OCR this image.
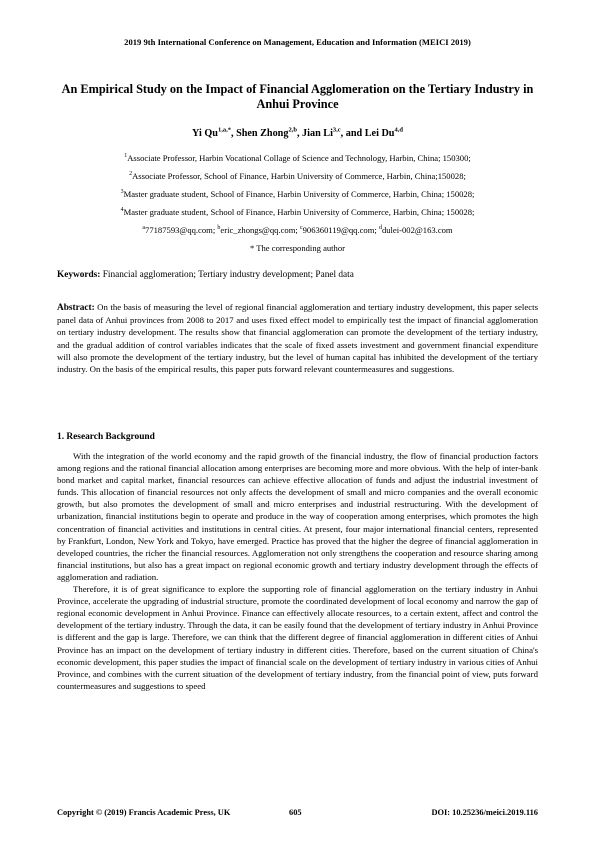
2019 9th International Conference on Management, Education and Information (MEICI 2019)
An Empirical Study on the Impact of Financial Agglomeration on the Tertiary Industry in Anhui Province
Yi $Qu^{1,a,*}$, Shen Zhong$^{2,b}$, Jian Li$^{3,c}$, and Lei Du$^{4,d}$
$^1$Associate Professor, Harbin Vocational Collage of Science and Technology, Harbin, China; 150300;
$^2$Associate Professor, School of Finance, Harbin University of Commerce, Harbin, China;150028;
$^3$Master graduate student, School of Finance, Harbin University of Commerce, Harbin, China; 150028;
$^4$Master graduate student, School of Finance, Harbin University of Commerce, Harbin, China; 150028;
$^a$77187593@qq.com; $^b$eric_zhongs@qq.com; $^c$906360119@qq.com; $^d$dulei-002@163.com
* The corresponding author
Keywords: Financial agglomeration; Tertiary industry development; Panel data
Abstract: On the basis of measuring the level of regional financial agglomeration and tertiary industry development, this paper selects panel data of Anhui provinces from 2008 to 2017 and uses fixed effect model to empirically test the impact of financial agglomeration on tertiary industry development. The results show that financial agglomeration can promote the development of the tertiary industry, and the gradual addition of control variables indicates that the scale of fixed assets investment and government financial expenditure will also promote the development of the tertiary industry, but the level of human capital has inhibited the development of the tertiary industry. On the basis of the empirical results, this paper puts forward relevant countermeasures and suggestions.
1. Research Background

With the integration of the world economy and the rapid growth of the financial industry, the flow of financial production factors among regions and the rational financial allocation among enterprises are becoming more and more obvious. With the help of inter-bank bond market and capital market, financial resources can achieve effective allocation of funds and adjust the industrial investment of funds. This allocation of financial resources not only affects the development of small and micro companies and the overall economic growth, but also promotes the development of small and micro enterprises and industrial restructuring. With the development of urbanization, financial institutions begin to operate and produce in the way of cooperation among enterprises, which promotes the high concentration of financial activities and institutions in central cities. At present, four major international financial centers, represented by Frankfurt, London, New York and Tokyo, have emerged. Practice has proved that the higher the degree of financial agglomeration in developed countries, the richer the financial resources. Agglomeration not only strengthens the cooperation and resource sharing among financial institutions, but also has a great impact on regional economic growth and tertiary industry development through the effects of agglomeration and radiation.

Therefore, it is of great significance to explore the supporting role of financial agglomeration on the tertiary industry in Anhui Province, accelerate the upgrading of industrial structure, promote the coordinated development of local economy and narrow the gap of regional economic development in Anhui Province. Finance can effectively allocate resources, to a certain extent, affect and control the development of the tertiary industry. Through the data, it can be easily found that the development of tertiary industry in Anhui Province is different and the gap is large. Therefore, we can think that the different degree of financial agglomeration in different cities of Anhui Province has an impact on the development of tertiary industry in different cities. Therefore, based on the current situation of China's economic development, this paper studies the impact of financial scale on the development of tertiary industry in various cities of Anhui Province, and combines with the current situation of the development of tertiary industry, from the financial point of view, puts forward countermeasures and suggestions to speed

Copyright © (2019) Francis Academic Press, UK	605	DOI: 10.25236/meici.2019.116
